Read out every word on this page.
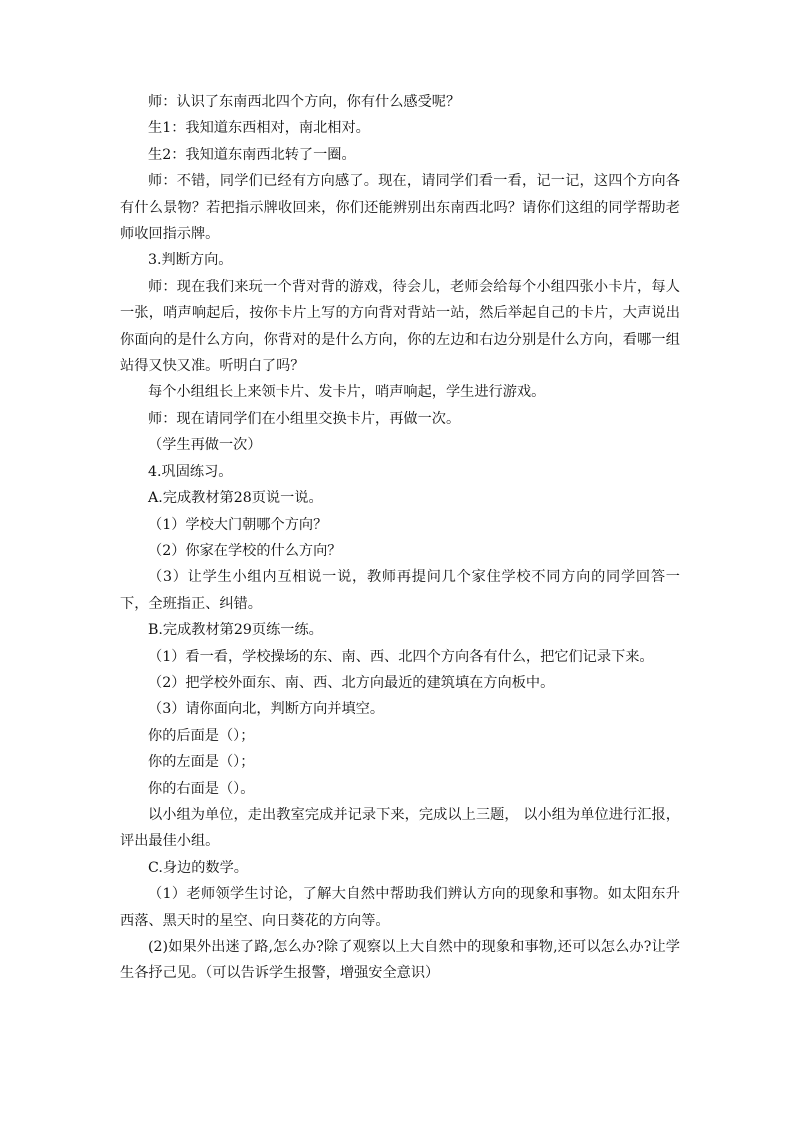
师：认识了东南西北四个方向，你有什么感受呢？

生1：我知道东西相对，南北相对。

生2：我知道东南西北转了一圈。

师：不错，同学们已经有方向感了。现在，请同学们看一看，记一记，这四个方向各有什么景物？若把指示牌收回来，你们还能辨别出东南西北吗？请你们这组的同学帮助老师收回指示牌。

3.判断方向。

师：现在我们来玩一个背对背的游戏，待会儿，老师会给每个小组四张小卡片，每人一张，哨声响起后，按你卡片上写的方向背对背站一站，然后举起自己的卡片，大声说出你面向的是什么方向，你背对的是什么方向，你的左边和右边分别是什么方向，看哪一组站得又快又准。听明白了吗？

每个小组组长上来领卡片、发卡片，哨声响起，学生进行游戏。

师：现在请同学们在小组里交换卡片，再做一次。

（学生再做一次）

4.巩固练习。

A.完成教材第28页说一说。

（1）学校大门朝哪个方向？

（2）你家在学校的什么方向？

（3）让学生小组内互相说一说，教师再提问几个家住学校不同方向的同学回答一下，全班指正、纠错。

B.完成教材第29页练一练。

（1）看一看，学校操场的东、南、西、北四个方向各有什么，把它们记录下来。

（2）把学校外面东、南、西、北方向最近的建筑填在方向板中。

（3）请你面向北，判断方向并填空。

你的后面是（）；

你的左面是（）；

你的右面是（）。

以小组为单位，走出教室完成并记录下来，完成以上三题， 以小组为单位进行汇报，评出最佳小组。

C.身边的数学。

（1）老师领学生讨论，了解大自然中帮助我们辨认方向的现象和事物。如太阳东升西落、黑天时的星空、向日葵花的方向等。

(2)如果外出迷了路,怎么办?除了观察以上大自然中的现象和事物,还可以怎么办?让学生各抒己见。（可以告诉学生报警，增强安全意识）
